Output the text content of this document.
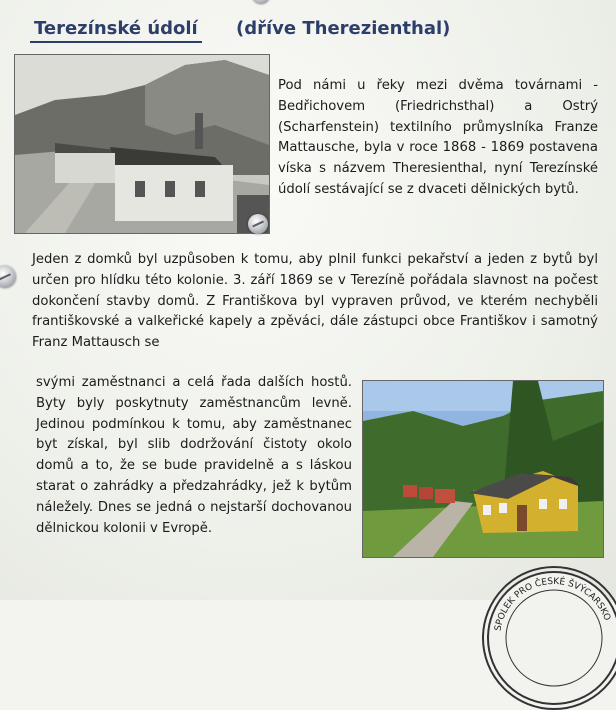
Terezínské údolí (dříve Therezienthal)
Pod námi u řeky mezi dvěma továrnami - Bedřichovem (Friedrichsthal) a Ostrý (Scharfenstein) textilního průmyslníka Franze Mattausche, byla v roce 1868 - 1869 postavena víska s názvem Theresienthal, nyní Terezínské údolí sestávající se z dvaceti dělnických bytů.
Jeden z domků byl uzpůsoben k tomu, aby plnil funkci pekařství a jeden z bytů byl určen pro hlídku této kolonie. 3. září 1869 se v Terezíně pořádala slavnost na počest dokončení stavby domů. Z Františkova byl vypraven průvod, ve kterém nechyběli františkovské a valkeřické kapely a zpěváci, dále zástupci obce Františkov i samotný Franz Mattausch se
svými zaměstnanci a celá řada dalších hostů. Byty byly poskytnuty zaměstnancům levně. Jedinou podmínkou k tomu, aby zaměstnanec byt získal, byl slib dodržování čistoty okolo domů a to, že se bude pravidelně a s láskou starat o zahrádky a předzahrádky, jež k bytům náležely. Dnes se jedná o nejstarší dochovanou dělnickou kolonii v Evropě.
SPOLEK PRO ČESKÉ ŠVÝCARSKO
